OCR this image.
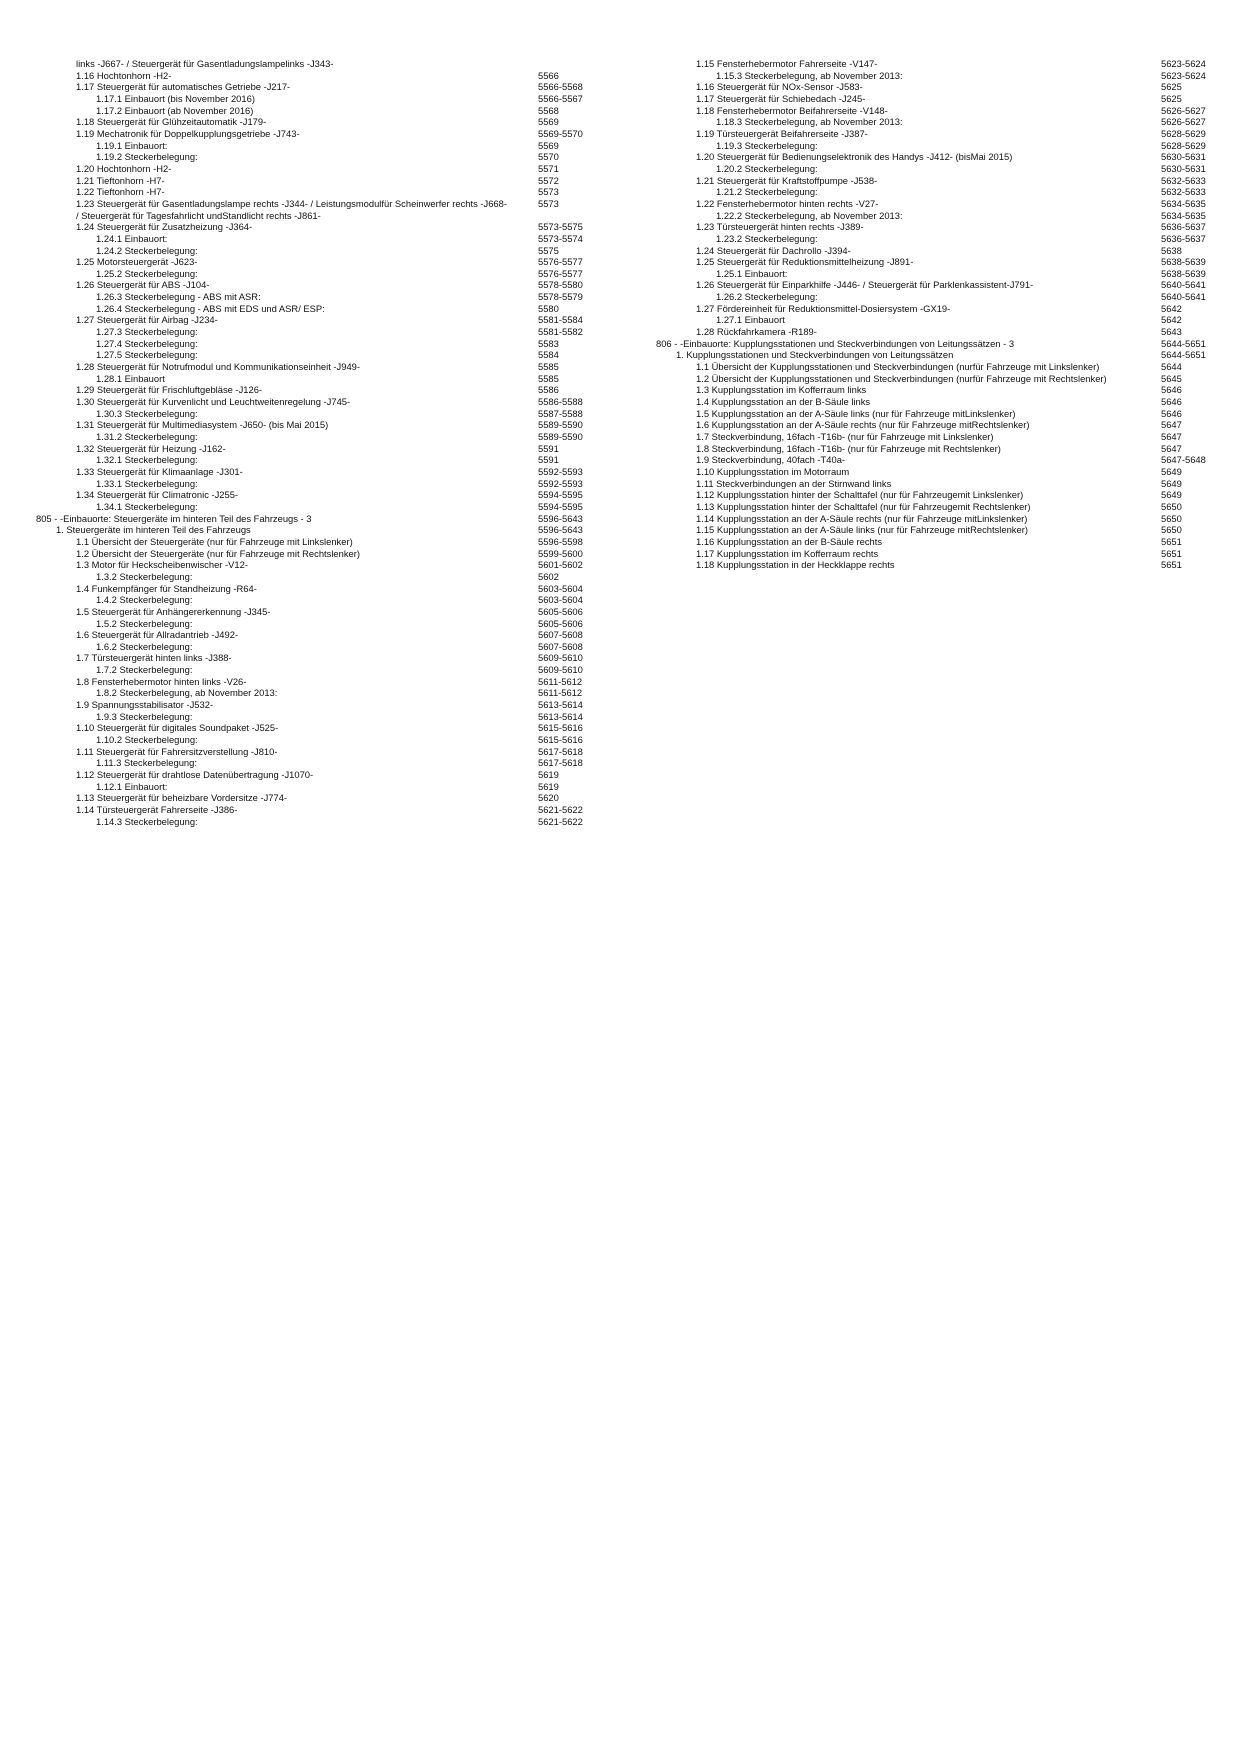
links -J667- / Steuergerät für Gasentladungslampelinks -J343-
1.16 Hochtonhorn -H2-	5566
1.17 Steuergerät für automatisches Getriebe -J217-	5566-5568
1.17.1 Einbauort (bis November 2016)	5566-5567
1.17.2 Einbauort (ab November 2016)	5568
1.18 Steuergerät für Glühzeitautomatik -J179-	5569
1.19 Mechatronik für Doppelkupplungsgetriebe -J743-	5569-5570
1.19.1 Einbauort:	5569
1.19.2 Steckerbelegung:	5570
1.20 Hochtonhorn -H2-	5571
1.21 Tieftonhorn -H7-	5572
1.22 Tieftonhorn -H7-	5573
1.23 Steuergerät für Gasentladungslampe rechts -J344- / Leistungsmodulfür Scheinwerfer rechts -J668-	5573
/ Steuergerät für Tagesfahrlicht undStandlicht rechts -J861-
1.24 Steuergerät für Zusatzheizung -J364-	5573-5575
1.24.1 Einbauort:	5573-5574
1.24.2 Steckerbelegung:	5575
1.25 Motorsteuergerät -J623-	5576-5577
1.25.2 Steckerbelegung:	5576-5577
1.26 Steuergerät für ABS -J104-	5578-5580
1.26.3 Steckerbelegung - ABS mit ASR:	5578-5579
1.26.4 Steckerbelegung - ABS mit EDS und ASR/ ESP:	5580
1.27 Steuergerät für Airbag -J234-	5581-5584
1.27.3 Steckerbelegung:	5581-5582
1.27.4 Steckerbelegung:	5583
1.27.5 Steckerbelegung:	5584
1.28 Steuergerät für Notrufmodul und Kommunikationseinheit -J949-	5585
1.28.1 Einbauort	5585
1.29 Steuergerät für Frischluftgebläse -J126-	5586
1.30 Steuergerät für Kurvenlicht und Leuchtweitenregelung -J745-	5586-5588
1.30.3 Steckerbelegung:	5587-5588
1.31 Steuergerät für Multimediasystem -J650- (bis Mai 2015)	5589-5590
1.31.2 Steckerbelegung:	5589-5590
1.32 Steuergerät für Heizung -J162-	5591
1.32.1 Steckerbelegung:	5591
1.33 Steuergerät für Klimaanlage -J301-	5592-5593
1.33.1 Steckerbelegung:	5592-5593
1.34 Steuergerät für Climatronic -J255-	5594-5595
1.34.1 Steckerbelegung:	5594-5595
805 - -Einbauorte: Steuergeräte im hinteren Teil des Fahrzeugs - 3	5596-5643
1. Steuergeräte im hinteren Teil des Fahrzeugs	5596-5643
1.1 Übersicht der Steuergeräte (nur für Fahrzeuge mit Linkslenker)	5596-5598
1.2 Übersicht der Steuergeräte (nur für Fahrzeuge mit Rechtslenker)	5599-5600
1.3 Motor für Heckscheibenwischer -V12-	5601-5602
1.3.2 Steckerbelegung:	5602
1.4 Funkempfänger für Standheizung -R64-	5603-5604
1.4.2 Steckerbelegung:	5603-5604
1.5 Steuergerät für Anhängererkennung -J345-	5605-5606
1.5.2 Steckerbelegung:	5605-5606
1.6 Steuergerät für Allradantrieb -J492-	5607-5608
1.6.2 Steckerbelegung:	5607-5608
1.7 Türsteuergerät hinten links -J388-	5609-5610
1.7.2 Steckerbelegung:	5609-5610
1.8 Fensterhebermotor hinten links -V26-	5611-5612
1.8.2 Steckerbelegung, ab November 2013:	5611-5612
1.9 Spannungsstabilisator -J532-	5613-5614
1.9.3 Steckerbelegung:	5613-5614
1.10 Steuergerät für digitales Soundpaket -J525-	5615-5616
1.10.2 Steckerbelegung:	5615-5616
1.11 Steuergerät für Fahrersitzverstellung -J810-	5617-5618
1.11.3 Steckerbelegung:	5617-5618
1.12 Steuergerät für drahtlose Datenübertragung -J1070-	5619
1.12.1 Einbauort:	5619
1.13 Steuergerät für beheizbare Vordersitze -J774-	5620
1.14 Türsteuergerät Fahrerseite -J386-	5621-5622
1.14.3 Steckerbelegung:	5621-5622
1.15 Fensterhebermotor Fahrerseite -V147-	5623-5624
1.15.3 Steckerbelegung, ab November 2013:	5623-5624
1.16 Steuergerät für NOx-Sensor -J583-	5625
1.17 Steuergerät für Schiebedach -J245-	5625
1.18 Fensterhebermotor Beifahrerseite -V148-	5626-5627
1.18.3 Steckerbelegung, ab November 2013:	5626-5627
1.19 Türsteuergerät Beifahrerseite -J387-	5628-5629
1.19.3 Steckerbelegung:	5628-5629
1.20 Steuergerät für Bedienungselektronik des Handys -J412- (bisMai 2015)	5630-5631
1.20.2 Steckerbelegung:	5630-5631
1.21 Steuergerät für Kraftstoffpumpe -J538-	5632-5633
1.21.2 Steckerbelegung:	5632-5633
1.22 Fensterhebermotor hinten rechts -V27-	5634-5635
1.22.2 Steckerbelegung, ab November 2013:	5634-5635
1.23 Türsteuergerät hinten rechts -J389-	5636-5637
1.23.2 Steckerbelegung:	5636-5637
1.24 Steuergerät für Dachrollo -J394-	5638
1.25 Steuergerät für Reduktionsmittelheizung -J891-	5638-5639
1.25.1 Einbauort:	5638-5639
1.26 Steuergerät für Einparkhilfe -J446- / Steuergerät für Parklenkassistent-J791-	5640-5641
1.26.2 Steckerbelegung:	5640-5641
1.27 Fördereinheit für Reduktionsmittel-Dosiersystem -GX19-	5642
1.27.1 Einbauort	5642
1.28 Rückfahrkamera -R189-	5643
806 - -Einbauorte: Kupplungsstationen und Steckverbindungen von Leitungssätzen - 3	5644-5651
1. Kupplungsstationen und Steckverbindungen von Leitungssätzen	5644-5651
1.1 Übersicht der Kupplungsstationen und Steckverbindungen (nurfür Fahrzeuge mit Linkslenker)	5644
1.2 Übersicht der Kupplungsstationen und Steckverbindungen (nurfür Fahrzeuge mit Rechtslenker)	5645
1.3 Kupplungsstation im Kofferraum links	5646
1.4 Kupplungsstation an der B-Säule links	5646
1.5 Kupplungsstation an der A-Säule links (nur für Fahrzeuge mitLinkslenker)	5646
1.6 Kupplungsstation an der A-Säule rechts (nur für Fahrzeuge mitRechtslenker)	5647
1.7 Steckverbindung, 16fach -T16b- (nur für Fahrzeuge mit Linkslenker)	5647
1.8 Steckverbindung, 16fach -T16b- (nur für Fahrzeuge mit Rechtslenker)	5647
1.9 Steckverbindung, 40fach -T40a-	5647-5648
1.10 Kupplungsstation im Motorraum	5649
1.11 Steckverbindungen an der Stirnwand links	5649
1.12 Kupplungsstation hinter der Schalttafel (nur für Fahrzeugemit Linkslenker)	5649
1.13 Kupplungsstation hinter der Schalttafel (nur für Fahrzeugemit Rechtslenker)	5650
1.14 Kupplungsstation an der A-Säule rechts (nur für Fahrzeuge mitLinkslenker)	5650
1.15 Kupplungsstation an der A-Säule links (nur für Fahrzeuge mitRechtslenker)	5650
1.16 Kupplungsstation an der B-Säule rechts	5651
1.17 Kupplungsstation im Kofferraum rechts	5651
1.18 Kupplungsstation in der Heckklappe rechts	5651
